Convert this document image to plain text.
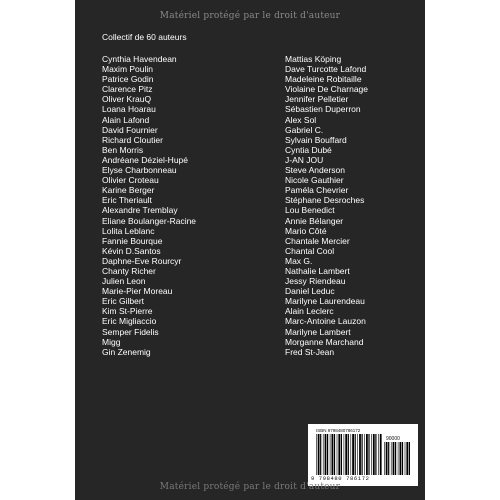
Matériel protégé par le droit d'auteur
Collectif de 60 auteurs
Cynthia Havendean
Maxim Poulin
Patrice Godin
Clarence Pitz
Oliver KrauQ
Loana Hoarau
Alain Lafond
David Fournier
Richard Cloutier
Ben Morris
Andréane Déziel-Hupé
Elyse Charbonneau
Olivier Croteau
Karine Berger
Eric Theriault
Alexandre Tremblay
Eliane Boulanger-Racine
Lolita Leblanc
Fannie Bourque
Kévin D.Santos
Daphne-Eve Rourcyr
Chanty Richer
Julien Leon
Marie-Pier Moreau
Eric Gilbert
Kim St-Pierre
Eric Migliaccio
Semper Fidelis
Migg
Gin Zenemig
Mattias Köping
Dave Turcotte Lafond
Madeleine Robitaille
Violaine De Charnage
Jennifer Pelletier
Sébastien Duperron
Alex Sol
Gabriel C.
Sylvain Bouffard
Cyntia Dubé
J-AN JOU
Steve Anderson
Nicole Gauthier
Paméla Chevrier
Stéphane Desroches
Lou Benedict
Annie Bélanger
Mario Côté
Chantale Mercier
Chantal Cool
Max G.
Nathalie Lambert
Jessy Riendeau
Daniel Leduc
Marilyne Laurendeau
Alain Leclerc
Marc-Antoine Lauzon
Marilyne Lambert
Morganne Marchand
Fred St-Jean
ISBN 9798480786172
90000
9 798480 786172
Matériel protégé par le droit d'auteur
